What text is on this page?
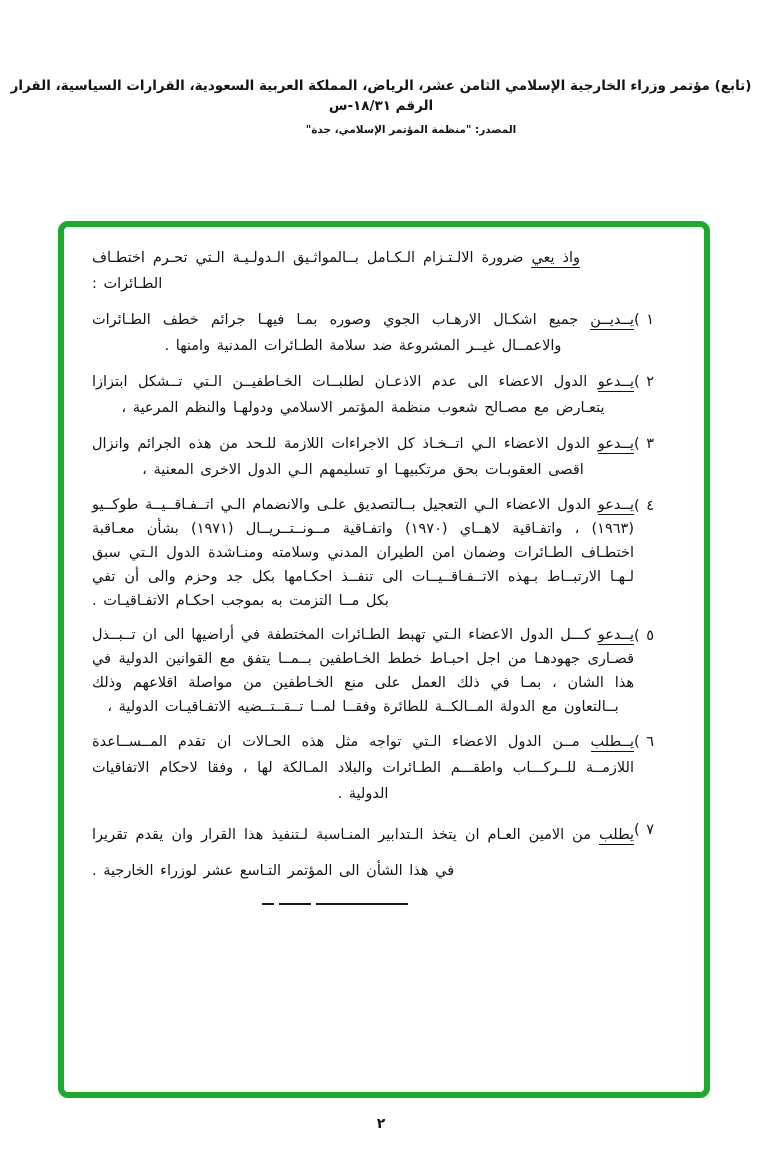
(تابع) مؤتمر وزراء الخارجية الإسلامي الثامن عشر، الرياض، المملكة العربية السعودية، القرارات السياسية، القرار الرقم ١٨/٣١-س
المصدر: "منظمة المؤتمر الإسلامي، جدة"

واذ يعي ضرورة الالـتـزام الـكـامل بــالمواثـيق الـدولـيـة الـتي تحـرم اختطـاف الطـائرات :

( ١

يــديــن جميع اشكـال الارهـاب الجوي وصوره بمـا فيهـا جرائم خطف الطـائرات والاعمــال غيــر المشروعة ضد سلامة الطـائرات المدنية وامنها .

( ٢

يــدعو الدول الاعضاء الى عدم الاذعـان لطلبــات الخـاطفيــن الـتي تــشكل ابتزازا يتعـارض مع مصـالح شعوب منظمة المؤتمر الاسلامي ودولهـا والنظم المرعية ،

( ٣

يــدعو الدول الاعضاء الـي اتــخـاذ كل الاجراءات اللازمة للـحد من هذه الجرائم وانزال اقصى العقوبـات بحق مرتكبيهـا او تسليمهم الـي الدول الاخرى المعنية ،

( ٤

يــدعو الدول الاعضاء الـي التعجيل بــالتصديق علـى والانضمام الـي اتــفـاقــيــة طوكــيو (١٩٦٣) ، واتفـاقية لاهــاي (١٩٧٠) واتفـاقية مــونــتــريــال (١٩٧١) بشأن معـاقبة اختطـاف الطـائرات وضمان امن الطيران المدني وسلامته ومنـاشدة الدول الـتي سبق لـهـا الارتبــاط بـهذه الاتــفـاقــيــات الى تنفــذ احكـامها بكل جد وحزم والى أن تفي بكل مــا التزمت به بموجب احكـام الاتفـاقيـات .

( ٥

يــدعو كـــل الدول الاعضاء الـتي تهبط الطـائرات المختطفة في أراضيها الى ان تــبــذل قصـارى جهودهـا من اجل احبـاط خطط الخـاطفين بــمــا يتفق مع القوانين الدولية في هذا الشان ، بمـا في ذلك العمل على منع الخـاطفين من مواصلة اقلاعهم وذلك بــالتعاون مع الدولة المــالكــة للطائرة وفقــا لمــا تــقــتــضيه الاتفـاقيـات الدولية ،

( ٦

يــطلب مــن الدول الاعضاء الـتي تواجه مثل هذه الحـالات ان تقدم المــســاعدة اللازمــة للــركـــاب واطقـــم الطـائرات والبلاد المـالكة لها ، وفقا لاحكام الاتفاقيات الدولية .

( ٧

يطلب من الامين العـام ان يتخذ الـتدابير المنـاسبة لـتنفيذ هذا القرار وان يقدم تقريرا في هذا الشأن الى المؤتمر التـاسع عشر لوزراء الخارجية .

٢
